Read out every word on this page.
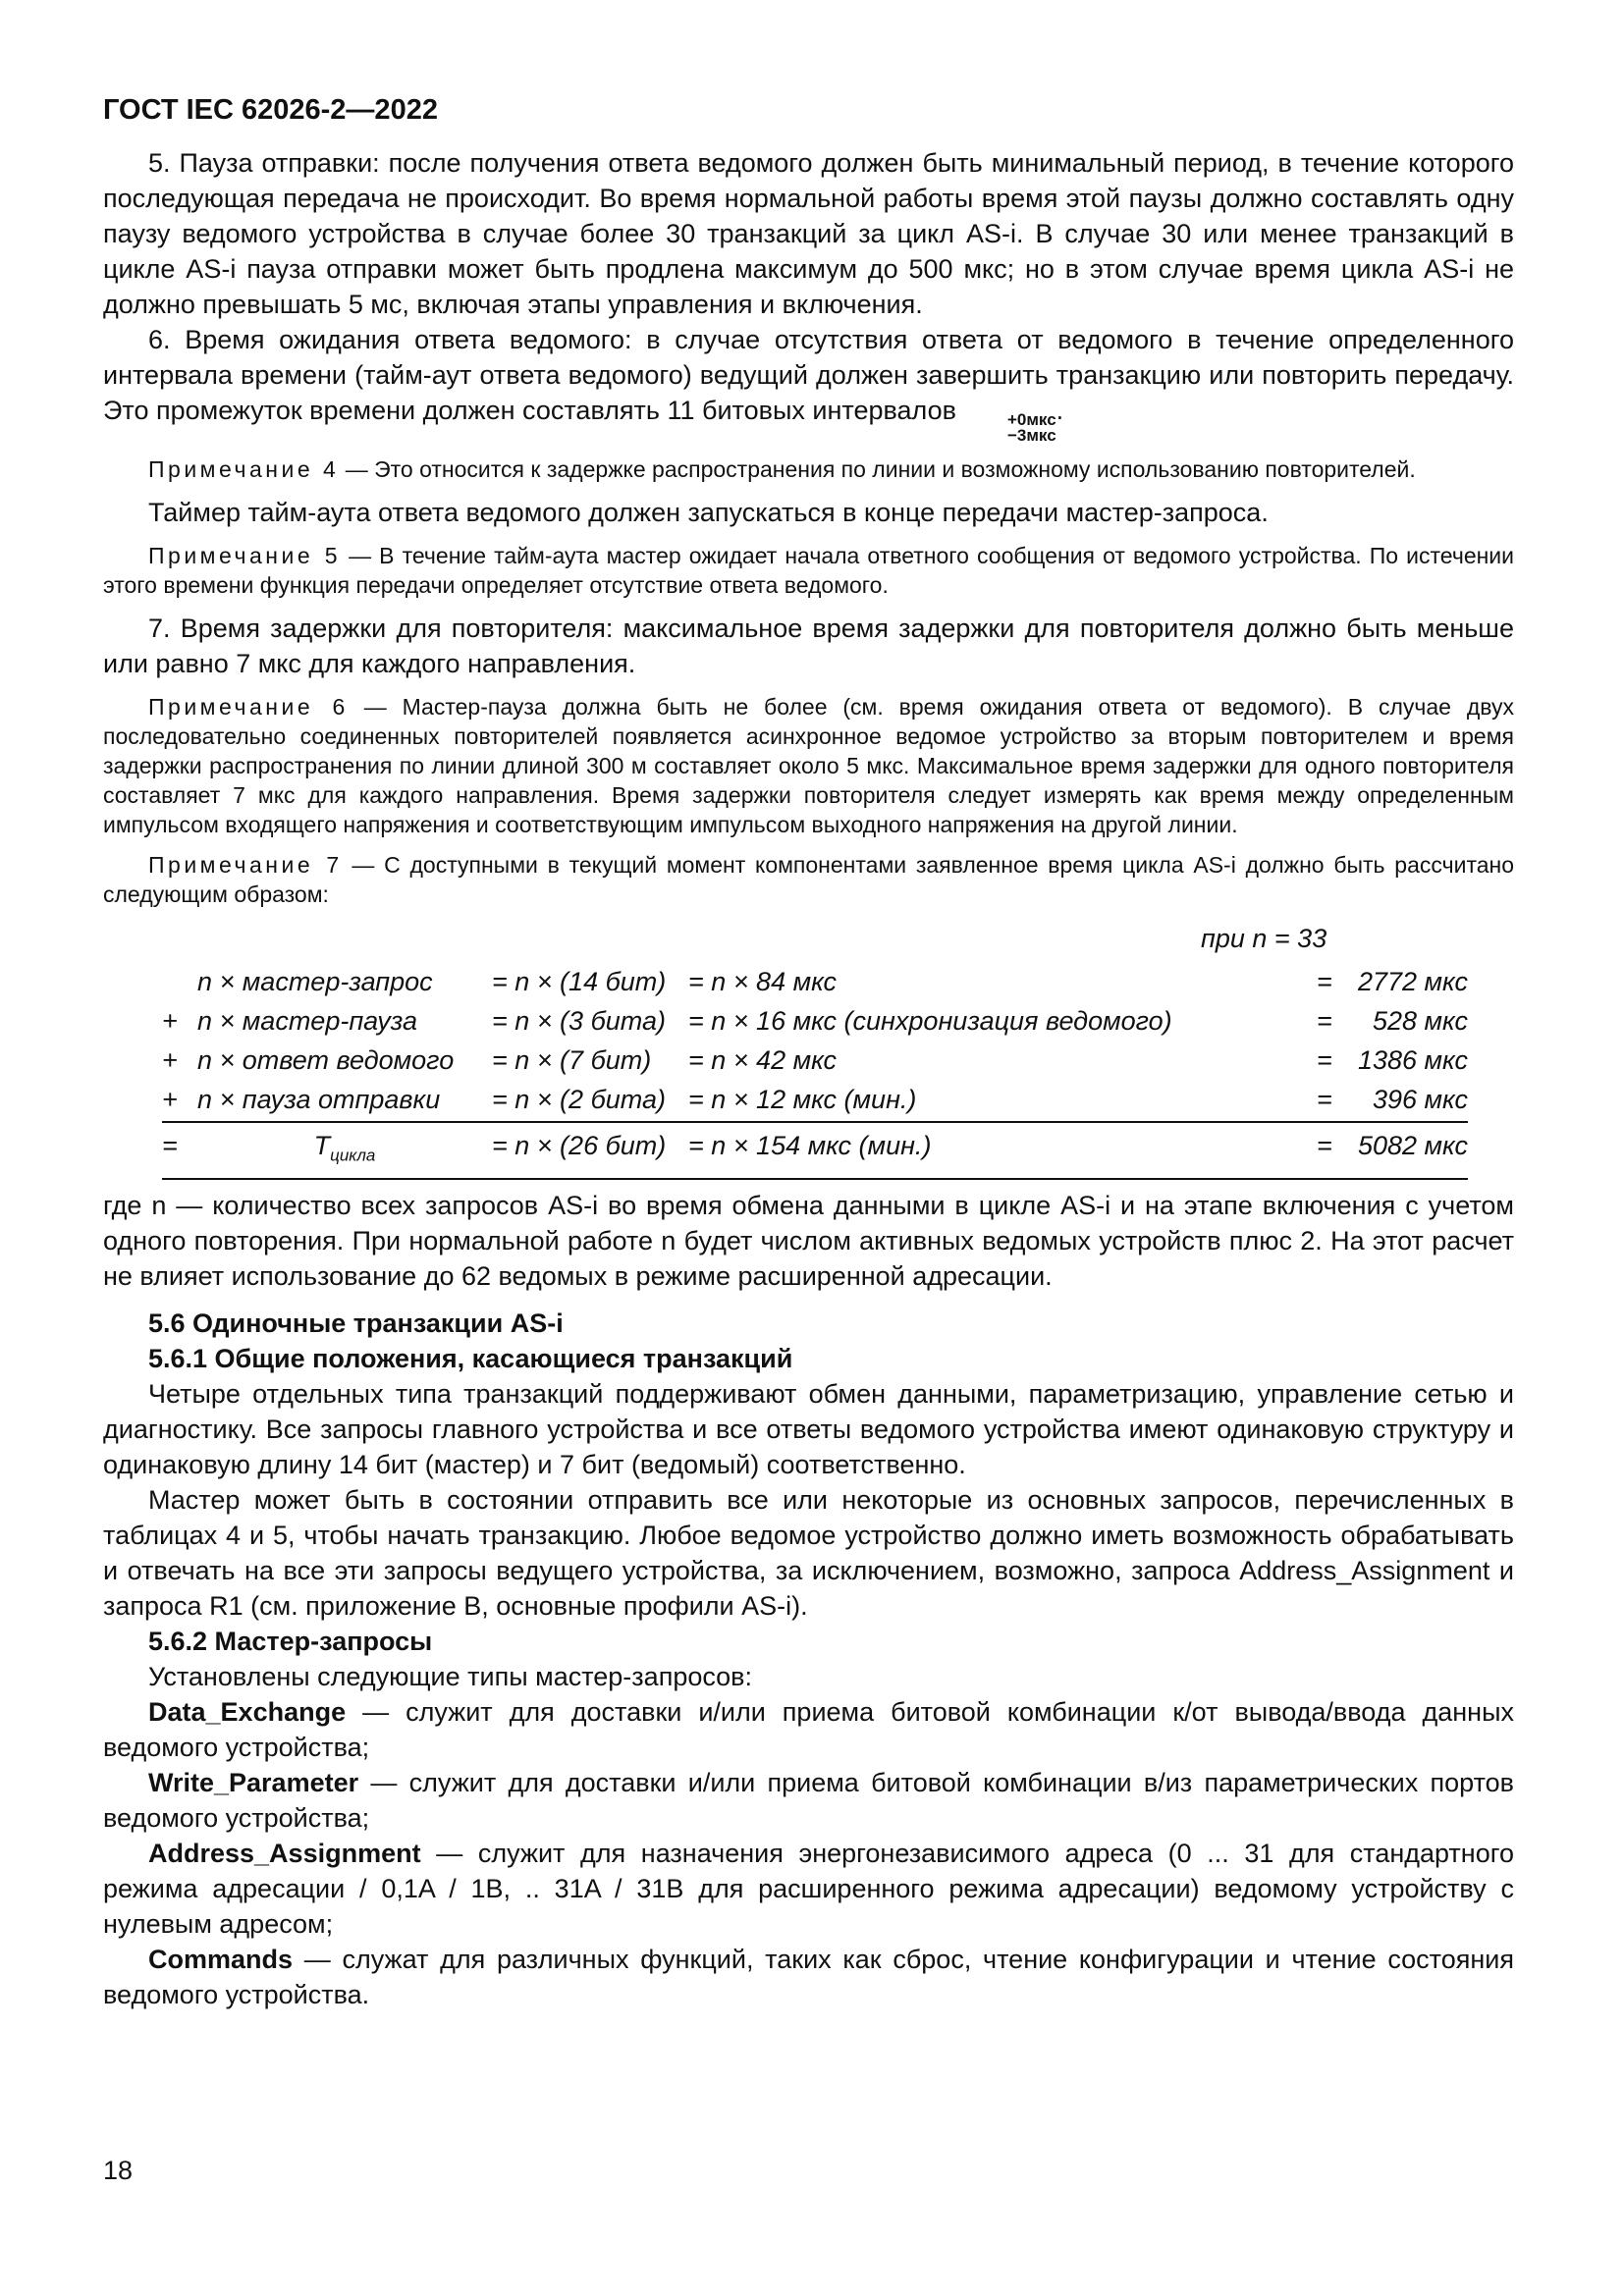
ГОСТ IEC 62026-2—2022

5. Пауза отправки: после получения ответа ведомого должен быть минимальный период, в течение которого последующая передача не происходит. Во время нормальной работы время этой паузы должно составлять одну паузу ведомого устройства в случае более 30 транзакций за цикл AS-i. В случае 30 или менее транзакций в цикле AS-i пауза отправки может быть продлена максимум до 500 мкс; но в этом случае время цикла AS-i не должно превышать 5 мс, включая этапы управления и включения.

6. Время ожидания ответа ведомого: в случае отсутствия ответа от ведомого в течение определенного интервала времени (тайм-аут ответа ведомого) ведущий должен завершить транзакцию или повторить передачу. Это промежуток времени должен составлять 11 битовых интервалов	+0мкс
−3мкс
.

Примечание 4 — Это относится к задержке распространения по линии и возможному использованию повторителей.

Таймер тайм-аута ответа ведомого должен запускаться в конце передачи мастер-запроса.

Примечание 5 — В течение тайм-аута мастер ожидает начала ответного сообщения от ведомого устройства. По истечении этого времени функция передачи определяет отсутствие ответа ведомого.

7. Время задержки для повторителя: максимальное время задержки для повторителя должно быть меньше или равно 7 мкс для каждого направления.

Примечание 6 — Мастер-пауза должна быть не более (см. время ожидания ответа от ведомого). В случае двух последовательно соединенных повторителей появляется асинхронное ведомое устройство за вторым повторителем и время задержки распространения по линии длиной 300 м составляет около 5 мкс. Максимальное время задержки для одного повторителя составляет 7 мкс для каждого направления. Время задержки повторителя следует измерять как время между определенным импульсом входящего напряжения и соответствующим импульсом выходного напряжения на другой линии.

Примечание 7 — С доступными в текущий момент компонентами заявленное время цикла AS-i должно быть рассчитано следующим образом:

при n = 33
n × мастер-запрос	= n × (14 бит) = n × 84 мкс	= 2772 мкс
+ n × мастер-пауза	= n × (3 бита) = n × 16 мкс (синхронизация ведомого)	=	528 мкс
+ n × ответ ведомого	= n × (7 бит)	= n × 42 мкс	= 1386 мкс
+ n × пауза отправки	= n × (2 бита) = n × 12 мкс (мин.)	=	396 мкс
=	$T_{цикла}$	= n × (26 бит) = n × 154 мкс (мин.)	= 5082 мкс

где n — количество всех запросов AS-i во время обмена данными в цикле AS-i и на этапе включения с учетом одного повторения. При нормальной работе n будет числом активных ведомых устройств плюс 2. На этот расчет не влияет использование до 62 ведомых в режиме расширенной адресации.

5.6 Одиночные транзакции AS-i
5.6.1 Общие положения, касающиеся транзакций

Четыре отдельных типа транзакций поддерживают обмен данными, параметризацию, управление сетью и диагностику. Все запросы главного устройства и все ответы ведомого устройства имеют одинаковую структуру и одинаковую длину 14 бит (мастер) и 7 бит (ведомый) соответственно.

Мастер может быть в состоянии отправить все или некоторые из основных запросов, перечисленных в таблицах 4 и 5, чтобы начать транзакцию. Любое ведомое устройство должно иметь возможность обрабатывать и отвечать на все эти запросы ведущего устройства, за исключением, возможно, запроса Address_Assignment и запроса R1 (см. приложение B, основные профили AS-i).

5.6.2 Мастер-запросы

Установлены следующие типы мастер-запросов:

Data_Exchange — служит для доставки и/или приема битовой комбинации к/от вывода/ввода данных ведомого устройства;

Write_Parameter — служит для доставки и/или приема битовой комбинации в/из параметрических портов ведомого устройства;

Address_Assignment — служит для назначения энергонезависимого адреса (0 ... 31 для стандартного режима адресации / 0,1A / 1B, .. 31A / 31B для расширенного режима адресации) ведомому устройству с нулевым адресом;

Commands — служат для различных функций, таких как сброс, чтение конфигурации и чтение состояния ведомого устройства.

18
